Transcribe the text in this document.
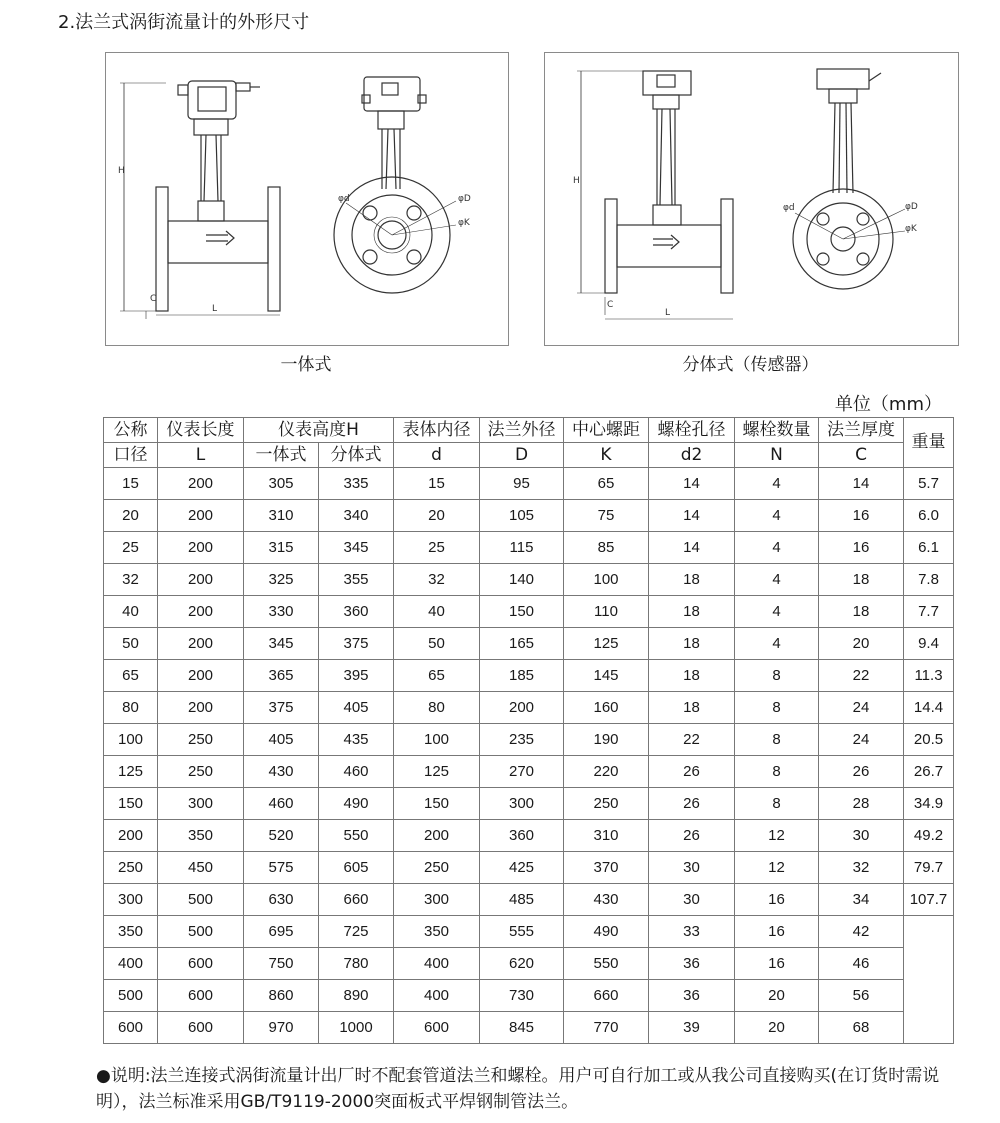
2.法兰式涡街流量计的外形尺寸
H
C
L
φd	φD
φK
H
C
L
φd	φD
φK
一体式	分体式（传感器）
单位（mm）
公称	仪表长度	仪表高度H		表体内径	法兰外径	中心螺距	螺栓孔径	螺栓数量	法兰厚度	重量
口径	L	一体式	分体式	d	D	K	d2	N	C	
15	200	305	335	15	95	65	14	4	14	5.7
20	200	310	340	20	105	75	14	4	16	6.0
25	200	315	345	25	115	85	14	4	16	6.1
32	200	325	355	32	140	100	18	4	18	7.8
40	200	330	360	40	150	110	18	4	18	7.7
50	200	345	375	50	165	125	18	4	20	9.4
65	200	365	395	65	185	145	18	8	22	11.3
80	200	375	405	80	200	160	18	8	24	14.4
100	250	405	435	100	235	190	22	8	24	20.5
125	250	430	460	125	270	220	26	8	26	26.7
150	300	460	490	150	300	250	26	8	28	34.9
200	350	520	550	200	360	310	26	12	30	49.2
250	450	575	605	250	425	370	30	12	32	79.7
300	500	630	660	300	485	430	30	16	34	107.7
350	500	695	725	350	555	490	33	16	42	
400	600	750	780	400	620	550	36	16	46	
500	600	860	890	400	730	660	36	20	56	
600	600	970	1000	600	845	770	39	20	68	
●说明:法兰连接式涡街流量计出厂时不配套管道法兰和螺栓。用户可自行加工或从我公司直接购买(在订货时需说明），法兰标准采用GB/T9119-2000突面板式平焊钢制管法兰。
